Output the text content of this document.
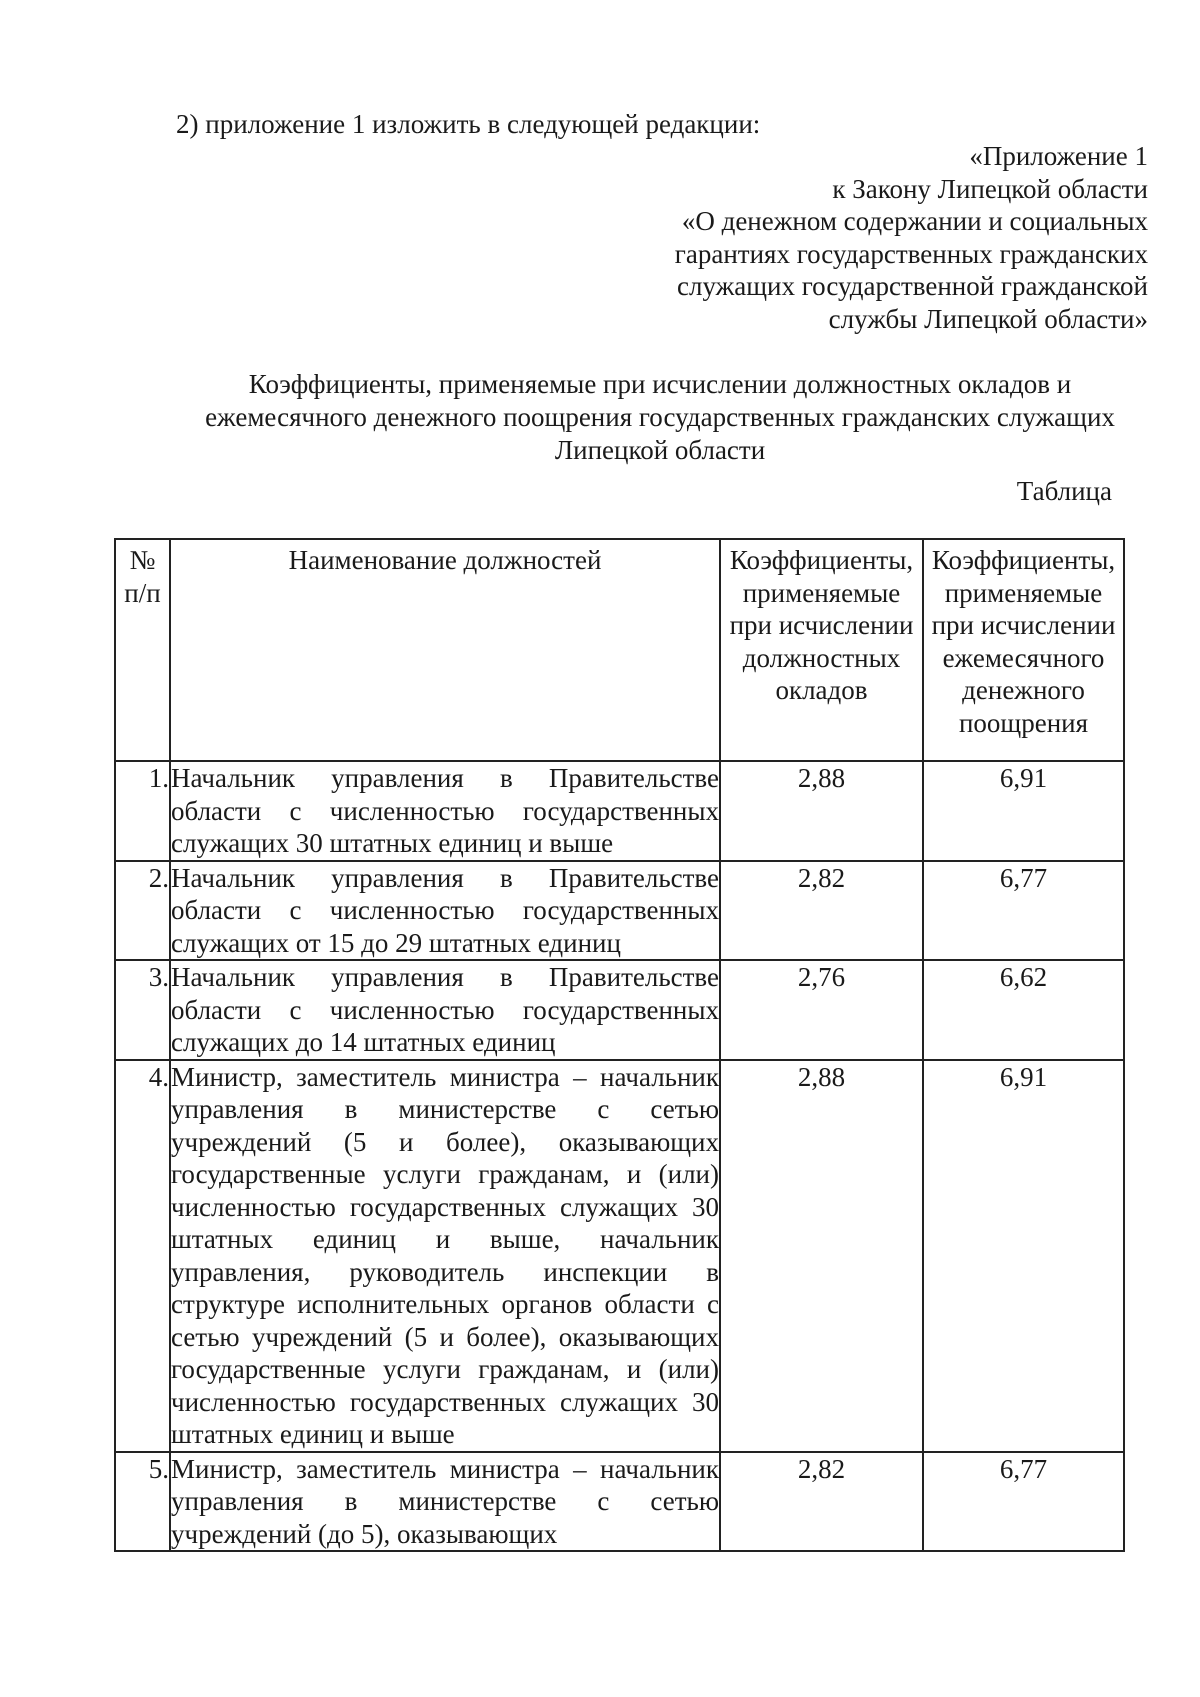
2) приложение 1 изложить в следующей редакции:
«Приложение 1
к Закону Липецкой области
«О денежном содержании и социальных
гарантиях государственных гражданских
служащих государственной гражданской
службы Липецкой области»
Коэффициенты, применяемые при исчислении должностных окладов и
ежемесячного денежного поощрения государственных гражданских служащих
Липецкой области
Таблица
№ п/п	Наименование должностей	Коэффициенты, применяемые при исчислении должностных окладов	Коэффициенты, применяемые при исчислении ежемесячного денежного поощрения

1.	Начальник управления в Правительстве области с численностью государственных служащих 30 штатных единиц и выше	2,88	6,91
2.	Начальник управления в Правительстве области с численностью государственных служащих от 15 до 29 штатных единиц	2,82	6,77
3.	Начальник управления в Правительстве области с численностью государственных служащих до 14 штатных единиц	2,76	6,62
4.	Министр, заместитель министра – начальник управления в министерстве с сетью учреждений (5 и более), оказывающих государственные услуги гражданам, и (или) численностью государственных служащих 30 штатных единиц и выше, начальник управления, руководитель инспекции в структуре исполнительных органов области с сетью учреждений (5 и более), оказывающих государственные услуги гражданам, и (или) численностью государственных служащих 30 штатных единиц и выше	2,88	6,91
5.	Министр, заместитель министра – начальник управления в министерстве с сетью учреждений (до 5), оказывающих	2,82	6,77
